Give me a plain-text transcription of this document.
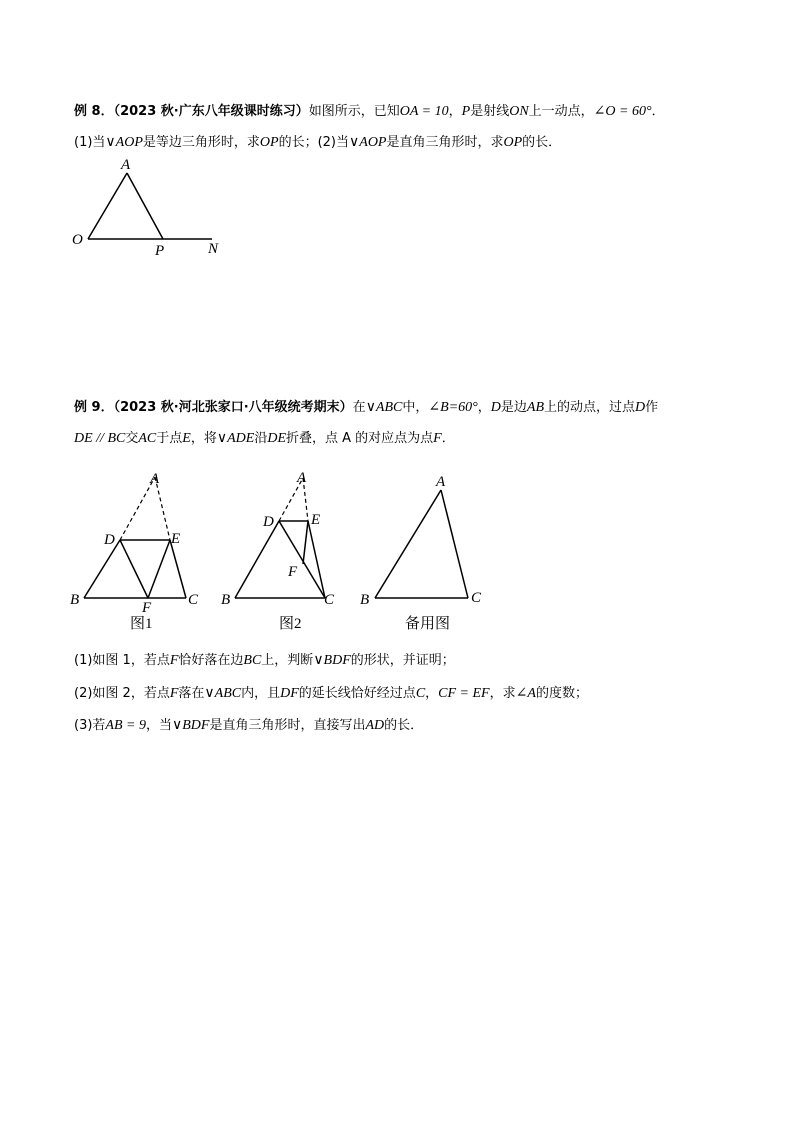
例 8．（2023 秋·广东八年级课时练习）如图所示，已知OA = 10，P是射线ON上一动点，∠O = 60°．
(1)当∨AOP是等边三角形时，求OP的长；(2)当∨AOP是直角三角形时，求OP的长．
A
O
P	N
例 9．（2023 秋·河北张家口·八年级统考期末）在∨ABC中，∠B=60°，D是边AB上的动点，过点D作
DE // BC交AC于点E，将∨ADE沿DE折叠，点 A 的对应点为点F．
A
D	E
B	C
F
图1
A
D E
F
B	C
图2
A
B	C
备用图
(1)如图 1，若点F恰好落在边BC上，判断∨BDF的形状，并证明；
(2)如图 2，若点F落在∨ABC内，且DF的延长线恰好经过点C，CF = EF，求∠A的度数；
(3)若AB = 9，当∨BDF是直角三角形时，直接写出AD的长．
